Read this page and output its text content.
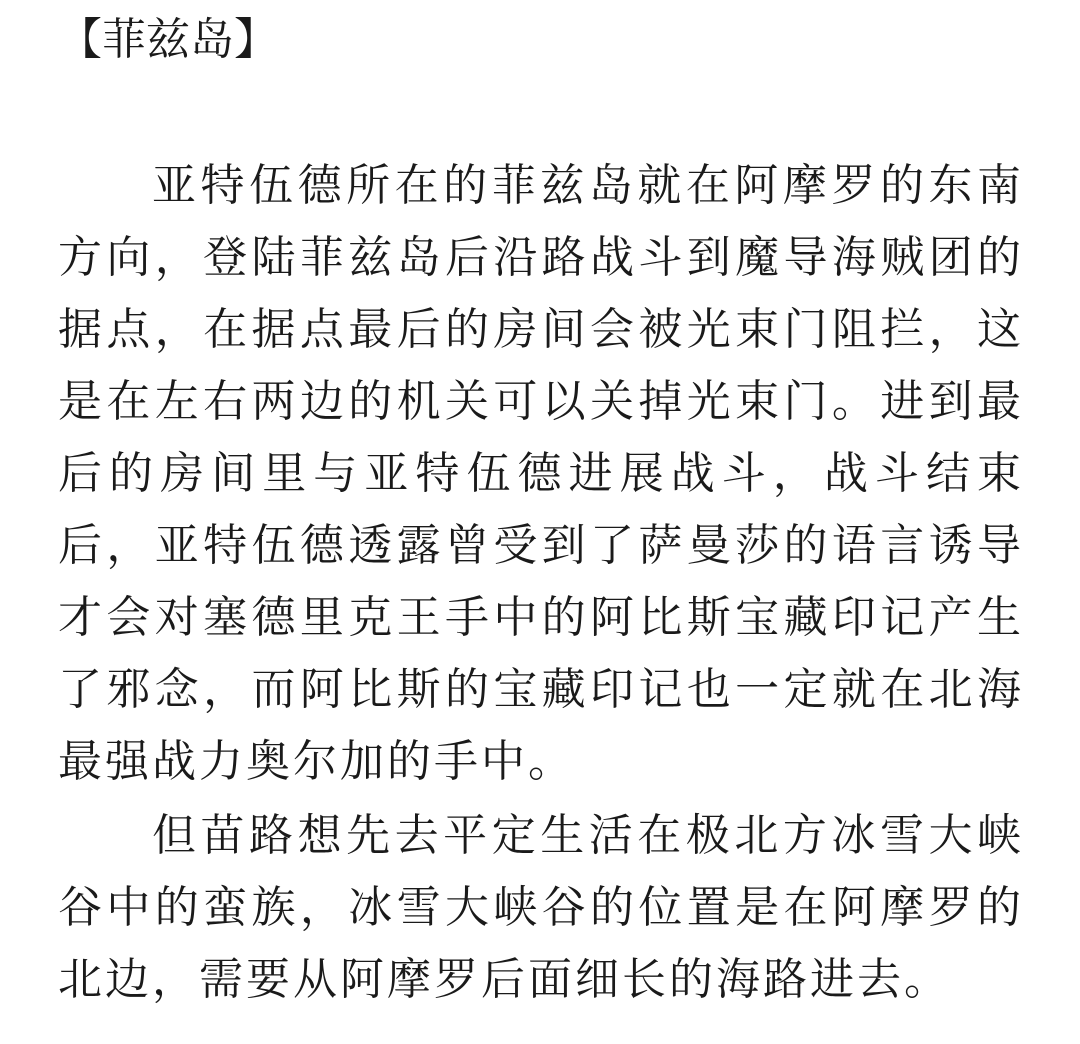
【菲兹岛】

亚特伍德所在的菲兹岛就在阿摩罗的东南方向，登陆菲兹岛后沿路战斗到魔导海贼团的据点，在据点最后的房间会被光束门阻拦，这是在左右两边的机关可以关掉光束门。进到最后的房间里与亚特伍德进展战斗，战斗结束后，亚特伍德透露曾受到了萨曼莎的语言诱导才会对塞德里克王手中的阿比斯宝藏印记产生了邪念，而阿比斯的宝藏印记也一定就在北海最强战力奥尔加的手中。

但苗路想先去平定生活在极北方冰雪大峡谷中的蛮族，冰雪大峡谷的位置是在阿摩罗的北边，需要从阿摩罗后面细长的海路进去。
